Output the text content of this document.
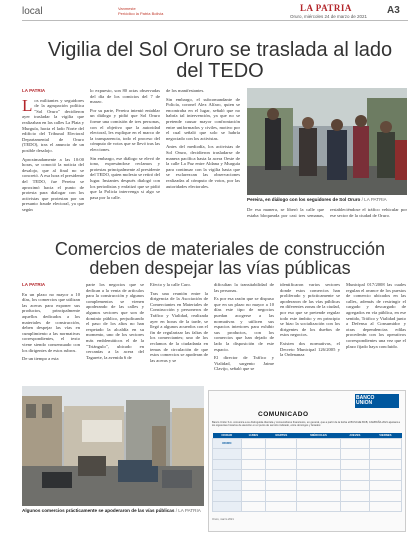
local	Vanmeste
Periódico la Patria Bolivia
LA PATRIA
Oruro, miércoles 24 de marzo de 2021
A3
Vigilia del Sol Oruro se traslada al lado del TEDO
LA PATRIA

Los militantes y seguidores de la agrupación política "Sol Oruro" decidieron ayer trasladar la vigilia que realizaban en las calles La Plata y Murguía, hacia el lado Norte del edificio del Tribunal Electoral Departamental de Oruro (TEDO), tras el anuncio de un posible desalojo.

Aproximadamente a las 10:00 horas, se conoció la noticia del desalojo, que al final no se concretó. A esa hora el presidente del TEDO, fue Pereira se aproximó hacia el punto de protesta para dialogar con los activistas que protestan por un presunto fraude electoral, ya que según

lo expuesto, son 80 actas observadas del día de los comicios del 7 de marzo.

Por su parte, Pereira intentó entablar un diálogo y pidió que Sol Oruro forme una comisión de tres personas, con el objetivo que la autoridad electoral, les explique en el marco de la transparencia, todo el proceso del cómputo de votos que se llevó tras las elecciones.

Sin embargo, ese diálogo se elevó de tono, expresándose reclamos y protestas principalmente al presidente del TEDO, quien molesto se retiró del lugar. Instantes después dialogó con los periodistas y enfatizó que se pidió que la Policía intervenga si algo se pasa por la calle.

de los manifestantes.

Sin embargo, el subcomandante de Policía, coronel Alex Alfaro, quien se encontraba en el lugar, señaló que no habría tal intervención, ya que no se pretende causar mayor confrontación entre uniformados y civiles, motivo por el cual señaló que solo se habría negociado con los activistas.

Antes del mediodía, los activistas de Sol Oruro, decidieron trasladarse de manera pacífica hasta la acera Oeste de la calle La Paz entre Aldana y Murguía para continuar con la vigilia hasta que se esclarezcan las observaciones realizadas al cómputo de votos, por las autoridades electorales.

Pereira, en diálogo con los seguidores de Sol Oruro / LA PATRIA

De esa manera, se liberó la calle que estaba bloqueada por casi tres semanas, restableciéndose el tráfico vehicular por ese sector de la ciudad de Oruro.

Comercios de materiales de construcción deben despejar las vías públicas
LA PATRIA

En un plazo no mayor a 10 días, los comercios que utilizan las aceras para exponer sus productos, principalmente aquellos dedicados a los materiales de construcción, deben despejar las vías en cumplimiento a las normativas correspondientes, el texto viene siendo consensuado con los dirigentes de estos rubros.

De un tiempo a esta

parte los negocios que se dedican a la venta de artículos para la construcción y algunos complementos se vienen apoderando de las calles y algunos sectores que son de dominio público, perjudicando el paso de los altos no han respetado la alcaldía en su momento, uno de los sectores más emblemáticos el de la "Triángulo", ubicado en cercanías a la acera del Tagarete, la avenida 6 de

Efecto y la calle Caro.

Tras una reunión entre la dirigencia de la Asociación de Comerciantes en Materiales de Construcción y personeros de Tráfico y Vialidad, realizada ayer en horas de la tarde, se llegó a algunos acuerdos con el fin de regularizar las faltas de los comerciantes; uno de los reclamos de la ciudadanía en temas de circulación de que estos comercios se apoderan de las aceras y se

dificultan la transitabilidad de las personas.

Es por esa razón que se dispuso que en un plazo no mayor a 10 días este tipo de negocios puedan acogerse a las normativas y utilicen sus espacios interiores para exhibir sus productos, con los comercios que han dejado de lado la disposición de este espacio.

El director de Tráfico y Vialidad, sargento Jaime Clavijo, señaló que se

identificaron varios sectores donde estos comercios han proliferado y prácticamente se apoderaron de las vías públicas en diferentes zonas de la ciudad, por eso que se pretende regular todo este ámbito y en principio se hizo la socialización con los dirigentes de los dueños de estos negocios.

Existen dos normativas, el Decreto Municipal 126/2005 y la Ordenanza

Municipal 017/2008 las cuales regulan el avance de los puestos de comercio ubicados en las calles, además de restringir el cargado y descargado de agregados en vía pública, en ese sentido, Tráfico y Vialidad junto a Defensa al Consumidor y otras dependencias edilas procederán con los operativos correspondientes una vez que el plazo fijado haya concluido.

Algunos comercios prácticamente se apoderaron de las vías públicas / LA PATRIA
BANCO
UNION
COMUNICADO
Banco Unión S.A. comunica a su distinguida clientela y consumidores financieros, en general, que a partir de la fecha el BUSCHE BCB, CAMPAÑA 2021 ajustará a los siguientes horarios de atención en el punto de servicio indicado, entre domingos y feriados:
CIUDAD	LUNES	MARTES	MIÉRCOLES	JUEVES	VIERNES
ORURO					

Oruro, marzo 2021
